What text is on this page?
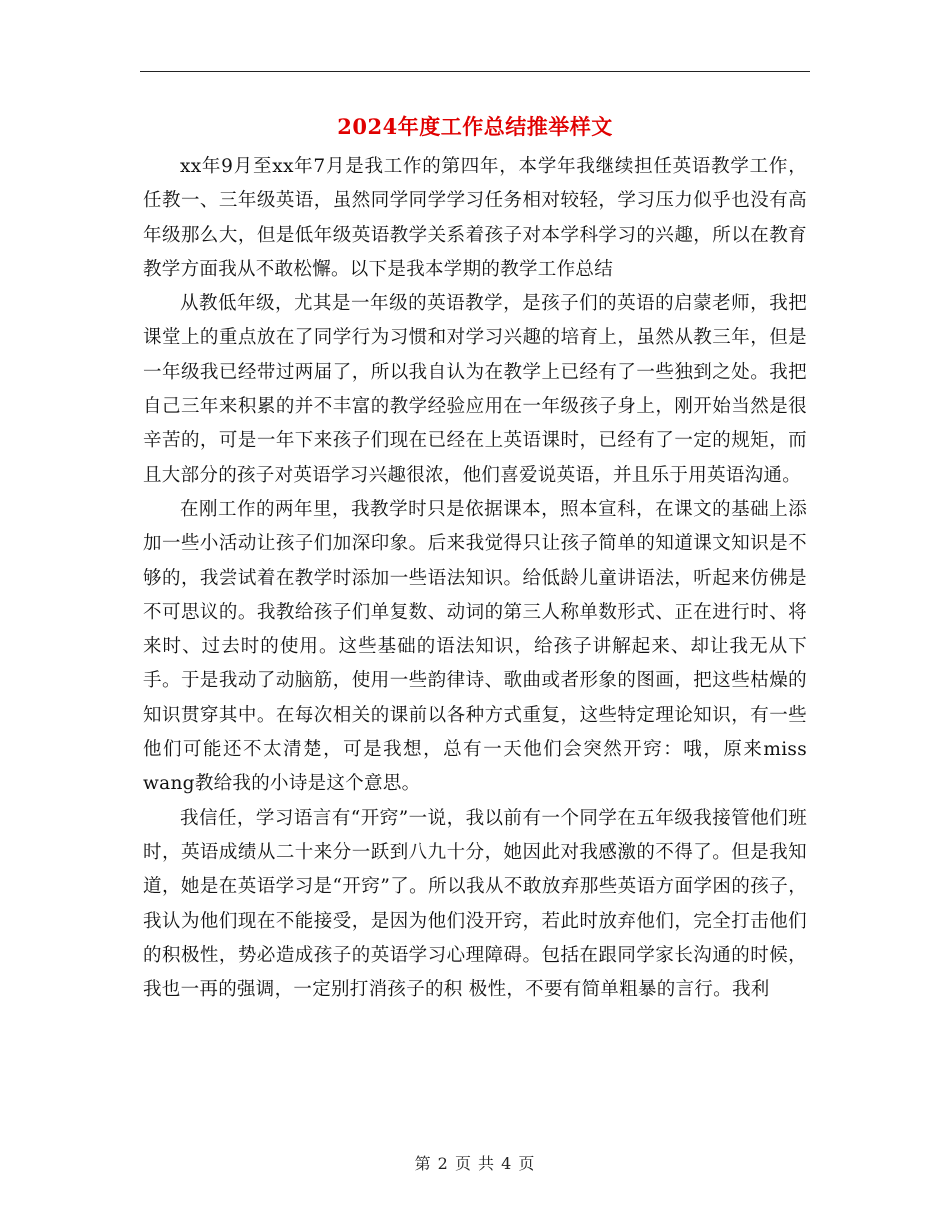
2024年度工作总结推举样文

xx年9月至xx年7月是我工作的第四年，本学年我继续担任英语教学工作，任教一、三年级英语，虽然同学同学学习任务相对较轻，学习压力似乎也没有高年级那么大，但是低年级英语教学关系着孩子对本学科学习的兴趣，所以在教育教学方面我从不敢松懈。以下是我本学期的教学工作总结

从教低年级，尤其是一年级的英语教学，是孩子们的英语的启蒙老师，我把课堂上的重点放在了同学行为习惯和对学习兴趣的培育上，虽然从教三年，但是一年级我已经带过两届了，所以我自认为在教学上已经有了一些独到之处。我把自己三年来积累的并不丰富的教学经验应用在一年级孩子身上，刚开始当然是很辛苦的，可是一年下来孩子们现在已经在上英语课时，已经有了一定的规矩，而且大部分的孩子对英语学习兴趣很浓，他们喜爱说英语，并且乐于用英语沟通。

在刚工作的两年里，我教学时只是依据课本，照本宣科，在课文的基础上添加一些小活动让孩子们加深印象。后来我觉得只让孩子简单的知道课文知识是不够的，我尝试着在教学时添加一些语法知识。给低龄儿童讲语法，听起来仿佛是不可思议的。我教给孩子们单复数、动词的第三人称单数形式、正在进行时、将来时、过去时的使用。这些基础的语法知识，给孩子讲解起来、却让我无从下手。于是我动了动脑筋，使用一些韵律诗、歌曲或者形象的图画，把这些枯燥的知识贯穿其中。在每次相关的课前以各种方式重复，这些特定理论知识，有一些他们可能还不太清楚，可是我想，总有一天他们会突然开窍：哦，原来miss wang教给我的小诗是这个意思。

我信任，学习语言有“开窍”一说，我以前有一个同学在五年级我接管他们班时，英语成绩从二十来分一跃到八九十分，她因此对我感激的不得了。但是我知道，她是在英语学习是“开窍”了。所以我从不敢放弃那些英语方面学困的孩子，我认为他们现在不能接受，是因为他们没开窍，若此时放弃他们，完全打击他们的积极性，势必造成孩子的英语学习心理障碍。包括在跟同学家长沟通的时候，我也一再的强调，一定别打消孩子的积 极性，不要有简单粗暴的言行。我利

第 2 页 共 4 页
